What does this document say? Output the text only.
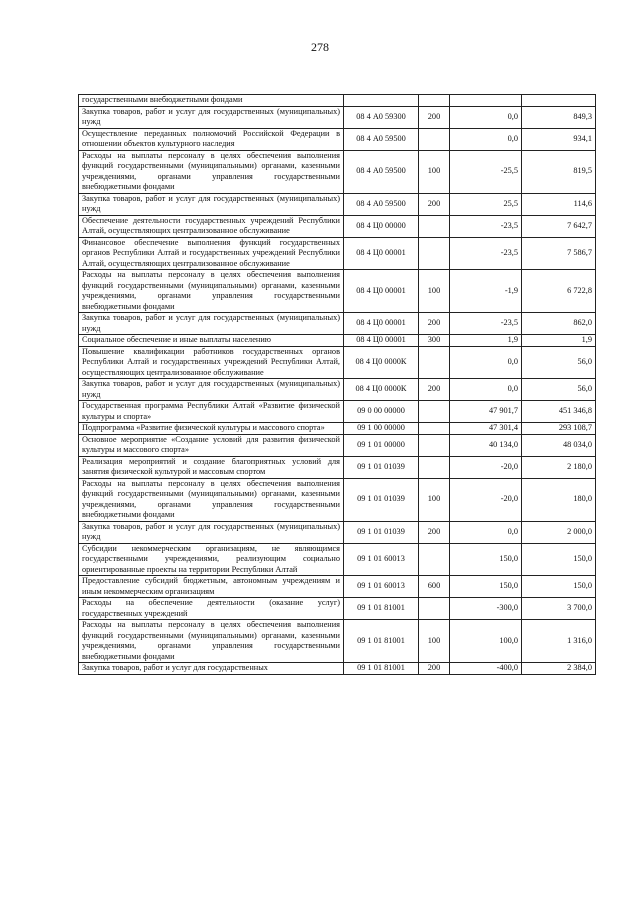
278
государственными внебюджетными фондами				
Закупка товаров, работ и услуг для государственных (муниципальных) нужд	08 4 А0 59300	200	0,0	849,3
Осуществление переданных полномочий Российской Федерации в отношении объектов культурного наследия	08 4 А0 59500		0,0	934,1
Расходы на выплаты персоналу в целях обеспечения выполнения функций государственными (муниципальными) органами, казенными учреждениями, органами управления государственными внебюджетными фондами	08 4 А0 59500	100	-25,5	819,5
Закупка товаров, работ и услуг для государственных (муниципальных) нужд	08 4 А0 59500	200	25,5	114,6
Обеспечение деятельности государственных учреждений Республики Алтай, осуществляющих централизованное обслуживание	08 4 Ц0 00000		-23,5	7 642,7
Финансовое обеспечение выполнения функций государственных органов Республики Алтай и государственных учреждений Республики Алтай, осуществляющих централизованное обслуживание	08 4 Ц0 00001		-23,5	7 586,7
Расходы на выплаты персоналу в целях обеспечения выполнения функций государственными (муниципальными) органами, казенными учреждениями, органами управления государственными внебюджетными фондами	08 4 Ц0 00001	100	-1,9	6 722,8
Закупка товаров, работ и услуг для государственных (муниципальных) нужд	08 4 Ц0 00001	200	-23,5	862,0
Социальное обеспечение и иные выплаты населению	08 4 Ц0 00001	300	1,9	1,9
Повышение квалификации работников государственных органов Республики Алтай и государственных учреждений Республики Алтай, осуществляющих централизованное обслуживание	08 4 Ц0 0000К		0,0	56,0
Закупка товаров, работ и услуг для государственных (муниципальных) нужд	08 4 Ц0 0000К	200	0,0	56,0
Государственная программа Республики Алтай «Развитие физической культуры и спорта»	09 0 00 00000		47 901,7	451 346,8
Подпрограмма «Развитие физической культуры и массового спорта»	09 1 00 00000		47 301,4	293 108,7
Основное мероприятие «Создание условий для развития физической культуры и массового спорта»	09 1 01 00000		40 134,0	48 034,0
Реализация мероприятий и создание благоприятных условий для занятия физической культурой и массовым спортом	09 1 01 01039		-20,0	2 180,0
Расходы на выплаты персоналу в целях обеспечения выполнения функций государственными (муниципальными) органами, казенными учреждениями, органами управления государственными внебюджетными фондами	09 1 01 01039	100	-20,0	180,0
Закупка товаров, работ и услуг для государственных (муниципальных) нужд	09 1 01 01039	200	0,0	2 000,0
Субсидии некоммерческим организациям, не являющимся государственными учреждениями, реализующим социально ориентированные проекты на территории Республики Алтай	09 1 01 60013		150,0	150,0
Предоставление субсидий бюджетным, автономным учреждениям и иным некоммерческим организациям	09 1 01 60013	600	150,0	150,0
Расходы на обеспечение деятельности (оказание услуг) государственных учреждений	09 1 01 81001		-300,0	3 700,0
Расходы на выплаты персоналу в целях обеспечения выполнения функций государственными (муниципальными) органами, казенными учреждениями, органами управления государственными внебюджетными фондами	09 1 01 81001	100	100,0	1 316,0
Закупка товаров, работ и услуг для государственных	09 1 01 81001	200	-400,0	2 384,0
